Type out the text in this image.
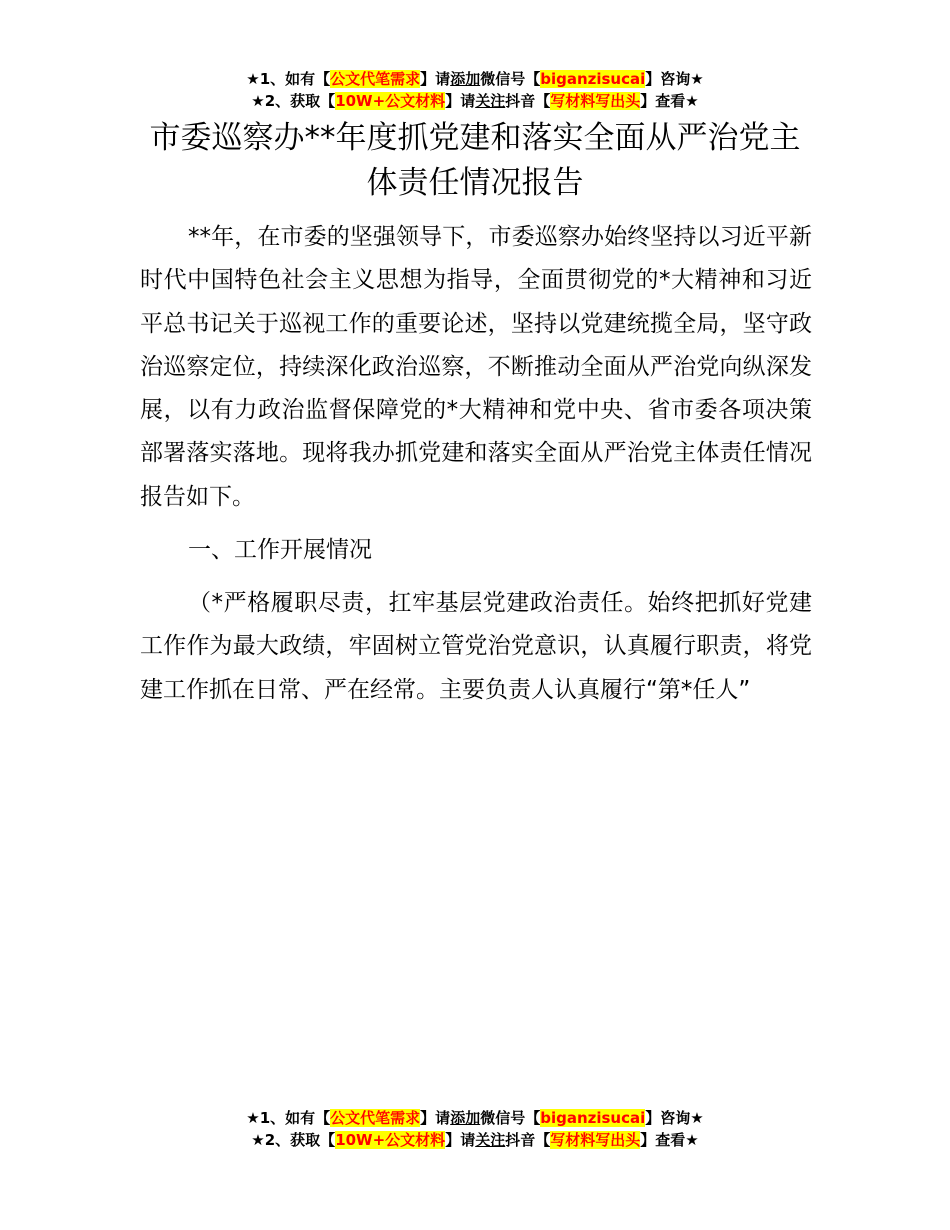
★1、如有【公文代笔需求】请添加微信号【biganzisucai】咨询★
★2、获取【10W+公文材料】请关注抖音【写材料写出头】查看★
市委巡察办**年度抓党建和落实全面从严治党主体责任情况报告

**年，在市委的坚强领导下，市委巡察办始终坚持以习近平新时代中国特色社会主义思想为指导，全面贯彻党的*大精神和习近平总书记关于巡视工作的重要论述，坚持以党建统揽全局，坚守政治巡察定位，持续深化政治巡察，不断推动全面从严治党向纵深发展，以有力政治监督保障党的*大精神和党中央、省市委各项决策部署落实落地。现将我办抓党建和落实全面从严治党主体责任情况报告如下。

一、工作开展情况

（*严格履职尽责，扛牢基层党建政治责任。始终把抓好党建工作作为最大政绩，牢固树立管党治党意识，认真履行职责，将党建工作抓在日常、严在经常。主要负责人认真履行“第*任人”

★1、如有【公文代笔需求】请添加微信号【biganzisucai】咨询★
★2、获取【10W+公文材料】请关注抖音【写材料写出头】查看★
